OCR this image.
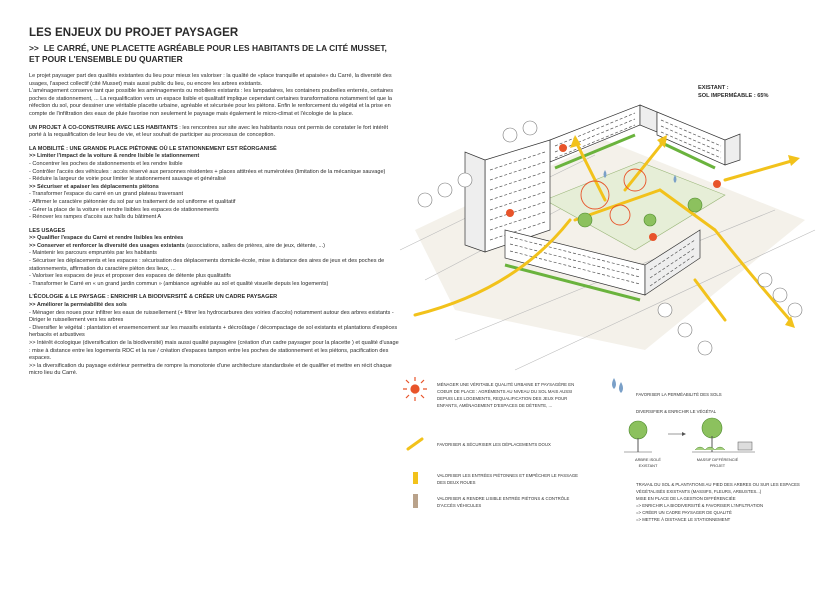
LES ENJEUX DU PROJET PAYSAGER
>> LE CARRÉ, UNE PLACETTE AGRÉABLE POUR LES HABITANTS DE LA CITÉ MUSSET, ET POUR L'ENSEMBLE DU QUARTIER

Le projet paysager part des qualités existantes du lieu pour mieux les valoriser : la qualité de «place tranquille et apaisée» du Carré, la diversité des usages, l'aspect collectif (cité Musset) mais aussi public du lieu, ou encore les arbres existants.

L'aménagement conserve tant que possible les aménagements ou mobiliers existants : les lampadaires, les containers poubelles enterrés, certaines poches de stationnement, ... La requalification vers un espace lisible et qualitatif implique cependant certaines transformations notamment tel que la réfection du sol, pour dessiner une véritable placette urbaine, agréable et sécurisée pour les piétons. Enfin le renforcement du végétal et la prise en compte de l'infiltration des eaux de pluie favorise non seulement le paysage mais également le micro-climat et l'écologie de la place.

UN PROJET À CO-CONSTRUIRE AVEC LES HABITANTS : les rencontres sur site avec les habitants nous ont permis de constater le fort intérêt porté à la requalification de leur lieu de vie, et leur souhait de participer au processus de conception.

LA MOBILITÉ : UNE GRANDE PLACE PIÉTONNE OÙ LE STATIONNEMENT EST RÉORGANISÉ

>> Limiter l'impact de la voiture & rendre lisible le stationnement

- Concentrer les poches de stationnements et les rendre lisible

- Contrôler l'accès des véhicules : accès réservé aux personnes résidentes + places attitrées et numérotées (limitation de la mécanique sauvage)

- Réduire la largeur de voirie pour limiter le stationnement sauvage et généralisé

>> Sécuriser et apaiser les déplacements piétons

- Transformer l'espace du carré en un grand plateau traversant

- Affirmer le caractère piétonnier du sol par un traitement de sol uniforme et qualitatif

- Gérer la place de la voiture et rendre lisibles les espaces de stationnements

- Rénover les rampes d'accès aux halls du bâtiment A

LES USAGES

>> Qualifier l'espace du Carré et rendre lisibles les entrées

>> Conserver et renforcer la diversité des usages existants (associations, salles de prières, aire de jeux, détente, ...)

- Maintenir les parcours empruntés par les habitants

- Sécuriser les déplacements et les espaces : sécurisation des déplacements domicile-école, mise à distance des aires de jeux et des poches de stationnements, affirmation du caractère piéton des lieux, ...

- Valoriser les espaces de jeux et proposer des espaces de détente plus qualitatifs

- Transformer le Carré en « un grand jardin commun » (ambiance agréable au sol et qualité visuelle depuis les logements)

L'ÉCOLOGIE & LE PAYSAGE : ENRICHIR LA BIODIVERSITÉ & CRÉER UN CADRE PAYSAGER

>> Améliorer la perméabilité des sols

- Ménager des noues pour infiltrer les eaux de ruissellement (+ filtrer les hydrocarbures des voiries d'accès) notamment autour des arbres existants - Diriger le ruissellement vers les arbres

- Diversifier le végétal : plantation et ensemencement sur les massifs existants + décroûtage / décompactage de sol existants et plantations d'espèces herbacés et arbustives

>> Intérêt écologique (diversification de la biodiversité) mais aussi qualité paysagère (création d'un cadre paysager pour la placette ) et qualité d'usage : mise à distance entre les logements RDC et la rue / création d'espaces tampon entre les poches de stationnement et les piétons, pacification des espaces.

>> la diversification du paysage extérieur permettra de rompre la monotonie d'une architecture standardisée et de qualifier et mettre en récit chaque micro lieu du Carré.

EXISTANT :
SOL IMPERMÉABLE : 65%
MÉNAGER UNE VÉRITABLE QUALITÉ URBAINE ET PAYSAGÈRE EN COEUR DE PLACE : AGRÉMENTS AU NIVEAU DU SOL MAIS AUSSI DEPUIS LES LOGEMENTS, REQUALIFICATION DES JEUX POUR ENFANTS, AMÉNAGEMENT D'ESPACES DE DÉTENTE, ...
FAVORISER & SÉCURISER LES DÉPLACEMENTS DOUX
VALORISER LES ENTRÉES PIÉTONNES ET EMPÊCHER LE PASSAGE DES DEUX ROUES
VALORISER & RENDRE LISIBLE ENTRÉE PIÉTONS & CONTRÔLE D'ACCÈS VÉHICULES
FAVORISER LA PERMÉABILITÉ DES SOLS
DIVERSIFIER & ENRICHIR LE VÉGÉTAL
ARBRE ISOLÉ EXISTANT
MASSIF DIFFÉRENCIÉ PROJET
TRAVAIL DU SOL & PLANTATIONS AU PIED DES ARBRES OU SUR LES ESPACES VÉGÉTALISÉS EXISTANTS (MASSIFS, FLEURS, ARBUSTES...)
MISE EN PLACE DE LA GESTION DIFFÉRENCIÉE
=> ENRICHIR LA BIODIVERSITÉ & FAVORISER L'INFILTRATION
=> CRÉER UN CADRE PAYSAGER DE QUALITÉ
=> METTRE À DISTANCE LE STATIONNEMENT
